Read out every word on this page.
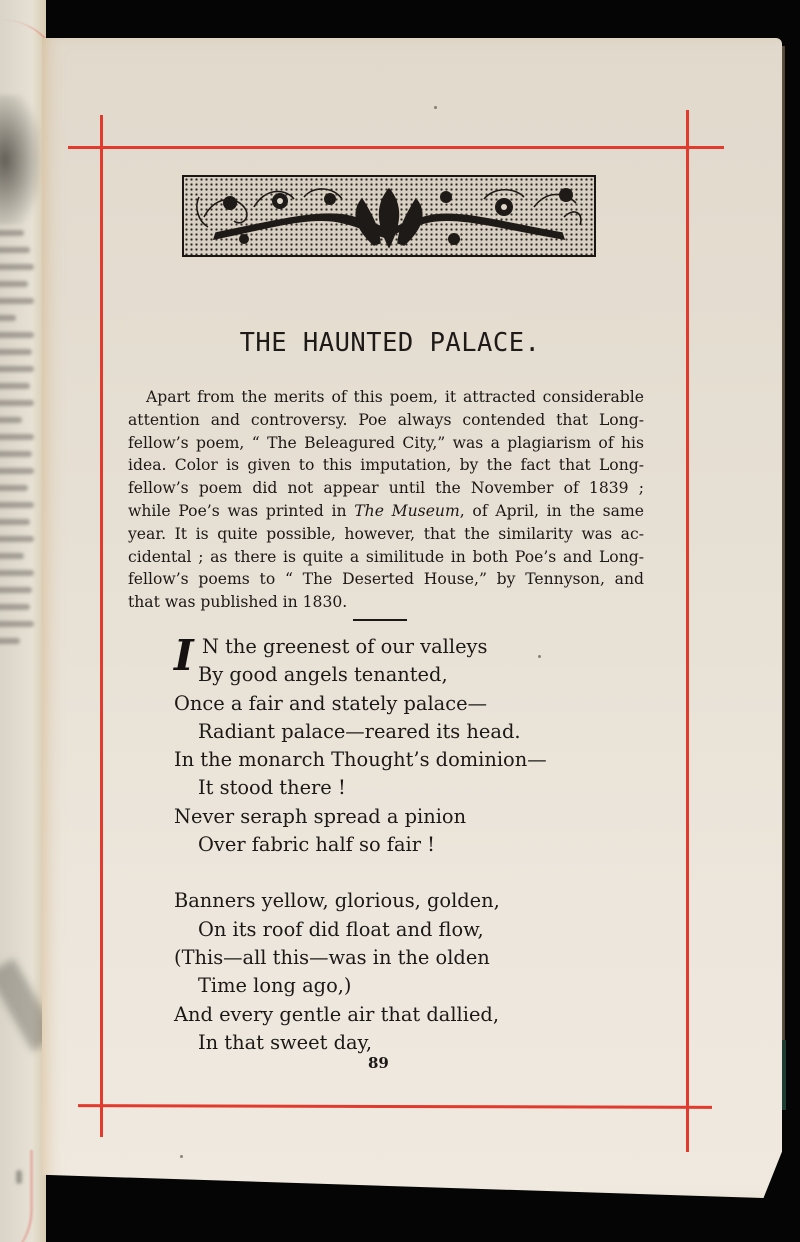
THE HAUNTED PALACE.
Apart from the merits of this poem, it attracted considerable
attention and controversy. Poe always contended that Long-
fellow’s poem, “ The Beleagured City,” was a plagiarism of his
idea. Color is given to this imputation, by the fact that Long-
fellow’s poem did not appear until the November of 1839 ;
while Poe’s was printed in The Museum, of April, in the same
year. It is quite possible, however, that the similarity was ac-
cidental ; as there is quite a similitude in both Poe’s and Long-
fellow’s poems to “ The Deserted House,” by Tennyson, and
that was published in 1830.
I N the greenest of our valleys
By good angels tenanted,
Once a fair and stately palace—
Radiant palace—reared its head.
In the monarch Thought’s dominion—
It stood there !
Never seraph spread a pinion
Over fabric half so fair !
Banners yellow, glorious, golden,
On its roof did float and flow,
(This—all this—was in the olden
Time long ago,)
And every gentle air that dallied,
In that sweet day,
89
